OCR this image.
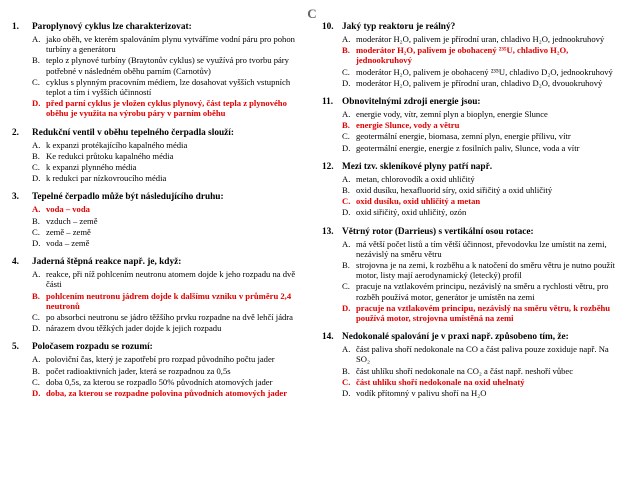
C
1.	Paroplynový cyklus lze charakterizovat:
A. jako oběh, ve kterém spalováním plynu vytváříme vodní páru pro pohon turbíny a generátoru
B. teplo z plynové turbíny (Braytonův cyklus) se využívá pro tvorbu páry potřebné v následném oběhu parním (Carnotův)
C. cyklus s plynným pracovním médiem, lze dosahovat vyšších vstupních teplot a tím i vyšších účinností
D. před parní cyklus je vložen cyklus plynový, část tepla z plynového oběhu je využita na výrobu páry v parním oběhu
2.	Redukční ventil v oběhu tepelného čerpadla slouží:
A. k expanzi protékajícího kapalného média
B. Ke redukci průtoku kapalného média
C. k expanzi plynného média
D. k redukci par nízkovroucího média
3.	Tepelné čerpadlo může být následujícího druhu:
A. voda – voda
B. vzduch – země
C. země – země
D. voda – země
4.	Jaderná štěpná reakce např. je, když:
A. reakce, při níž pohlcením neutronu atomem dojde k jeho rozpadu na dvě části
B. pohlcením neutronu jádrem dojde k dalšímu vzniku v průměru 2,4 neutronů
C. po absorbci neutronu se jádro těžšího prvku rozpadne na dvě lehčí jádra
D. nárazem dvou těžkých jader dojde k jejich rozpadu
5.	Poločasem rozpadu se rozumí:
A. poloviční čas, který je zapotřebí pro rozpad původního počtu jader
B. počet radioaktivních jader, která se rozpadnou za 0,5s
C. doba 0,5s, za kterou se rozpadlo 50% původních atomových jader
D. doba, za kterou se rozpadne polovina původních atomových jader
10. Jaký typ reaktoru je reálný?
A. moderátor H₂O, palivem je přírodní uran, chladivo H₂O, jednookruhový
B. moderátor H₂O, palivem je obohacený ²³⁵U, chladivo H₂O, jednookruhový
C. moderátor H₂O, palivem je obohacený ²³⁵U, chladivo D₂O, jednookruhový
D. moderátor H₂O, palivem je přírodní uran, chladivo D₂O, dvouokruhový
11. Obnovitelnými zdroji energie jsou:
A. energie vody, vítr, zemní plyn a bioplyn, energie Slunce
B. energie Slunce, vody a větru
C. geotermální energie, biomasa, zemní plyn, energie přílivu, vítr
D. geotermální energie, energie z fosilních paliv, Slunce, voda a vítr
12. Mezi tzv. skleníkové plyny patří např.
A. metan, chlorovodík a oxid uhličitý
B. oxid dusíku, hexafluorid síry, oxid siřičitý a oxid uhličitý
C. oxid dusíku, oxid uhličitý a metan
D. oxid siřičitý, oxid uhličitý, ozón
13. Větrný rotor (Darrieus) s vertikální osou rotace:
A. má větší počet listů a tím větší účinnost, převodovku lze umístit na zemi, nezávislý na směru větru
B. strojovna je na zemi, k rozběhu a k natočení do směru větru je nutno použít motor, listy mají aerodynamický (letecký) profil
C. pracuje na vztlakovém principu, nezávislý na směru a rychlosti větru, pro rozběh používá motor, generátor je umístěn na zemi
D. pracuje na vztlakovém principu, nezávislý na směru větru, k rozběhu používá motor, strojovna umístěná na zemi
14. Nedokonalé spalování je v praxi např. způsobeno tím, že:
A. část paliva shoří nedokonale na CO a část paliva pouze zoxiduje např. Na SO₂
B. část uhlíku shoří nedokonale na CO₂ a část např. neshoří vůbec
C. část uhlíku shoří nedokonale na oxid uhelnatý
D. vodík přítomný v palivu shoří na H₂O
